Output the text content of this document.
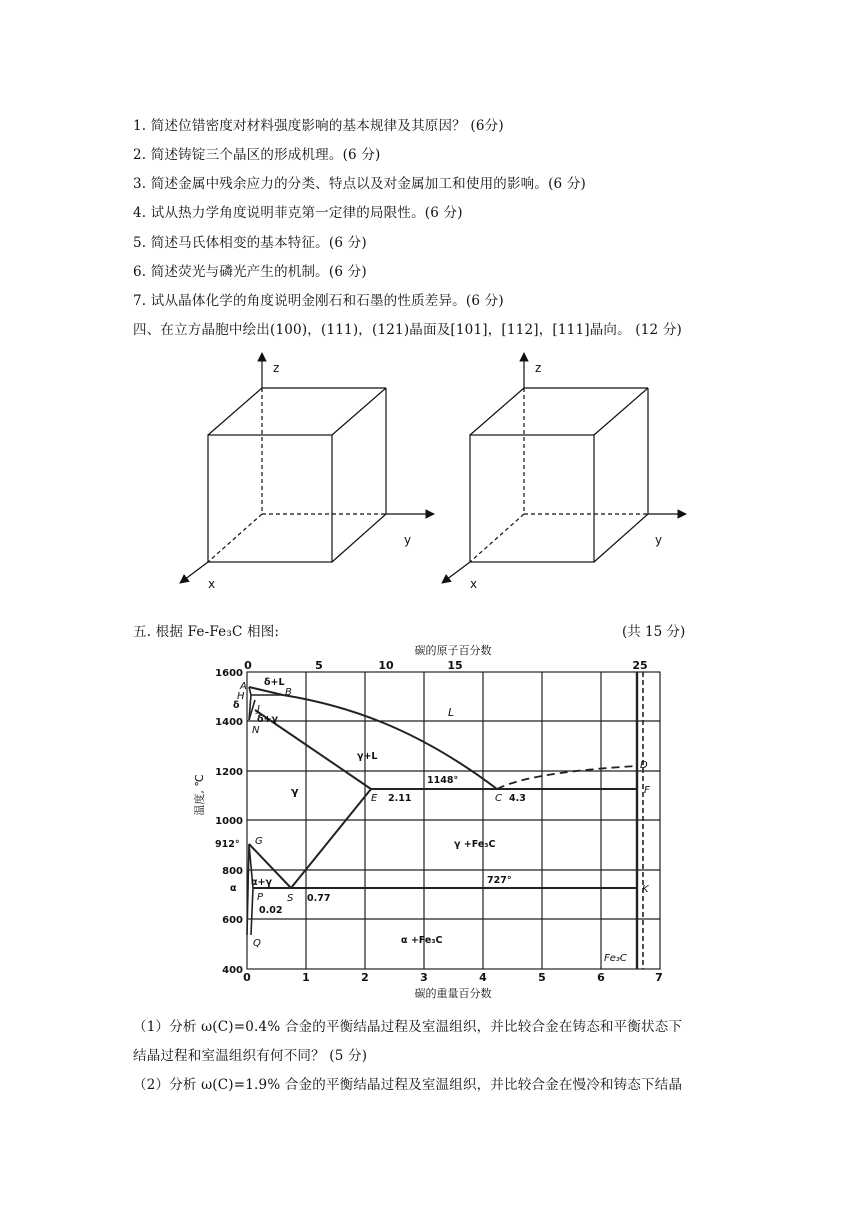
1. 简述位错密度对材料强度影响的基本规律及其原因？ (6分)
2. 简述铸锭三个晶区的形成机理。(6 分)
3. 简述金属中残余应力的分类、特点以及对金属加工和使用的影响。(6 分)
4. 试从热力学角度说明菲克第一定律的局限性。(6 分)
5. 简述马氏体相变的基本特征。(6 分)
6. 简述荧光与磷光产生的机制。(6 分)
7. 试从晶体化学的角度说明金刚石和石墨的性质差异。(6 分)
四、在立方晶胞中绘出(100)，(111)，(121)晶面及[101]，[112]，[111]晶向。 (12 分)
z
y
x
z
y
x
五. 根据 Fe-Fe₃C 相图:	(共 15 分)
碳的原子百分数
0	5	10	15	25
1600
1400
1200
1000
800
600
400
温度, ℃
0	1	2	3	4	5	6	7
碳的重量百分数
A
H	B
J
N
G
P S
Q
E	C
D
F
K
L
Fe₃C
δ+L
δ
δ+γ
γ+L
γ
γ +Fe₃C
α+γ
α
α +Fe₃C
1148°
727°
912°
2.11	4.3
0.77
0.02
（1）分析 ω(C)=0.4% 合金的平衡结晶过程及室温组织，并比较合金在铸态和平衡状态下
结晶过程和室温组织有何不同？ (5 分)
（2）分析 ω(C)=1.9% 合金的平衡结晶过程及室温组织，并比较合金在慢冷和铸态下结晶
